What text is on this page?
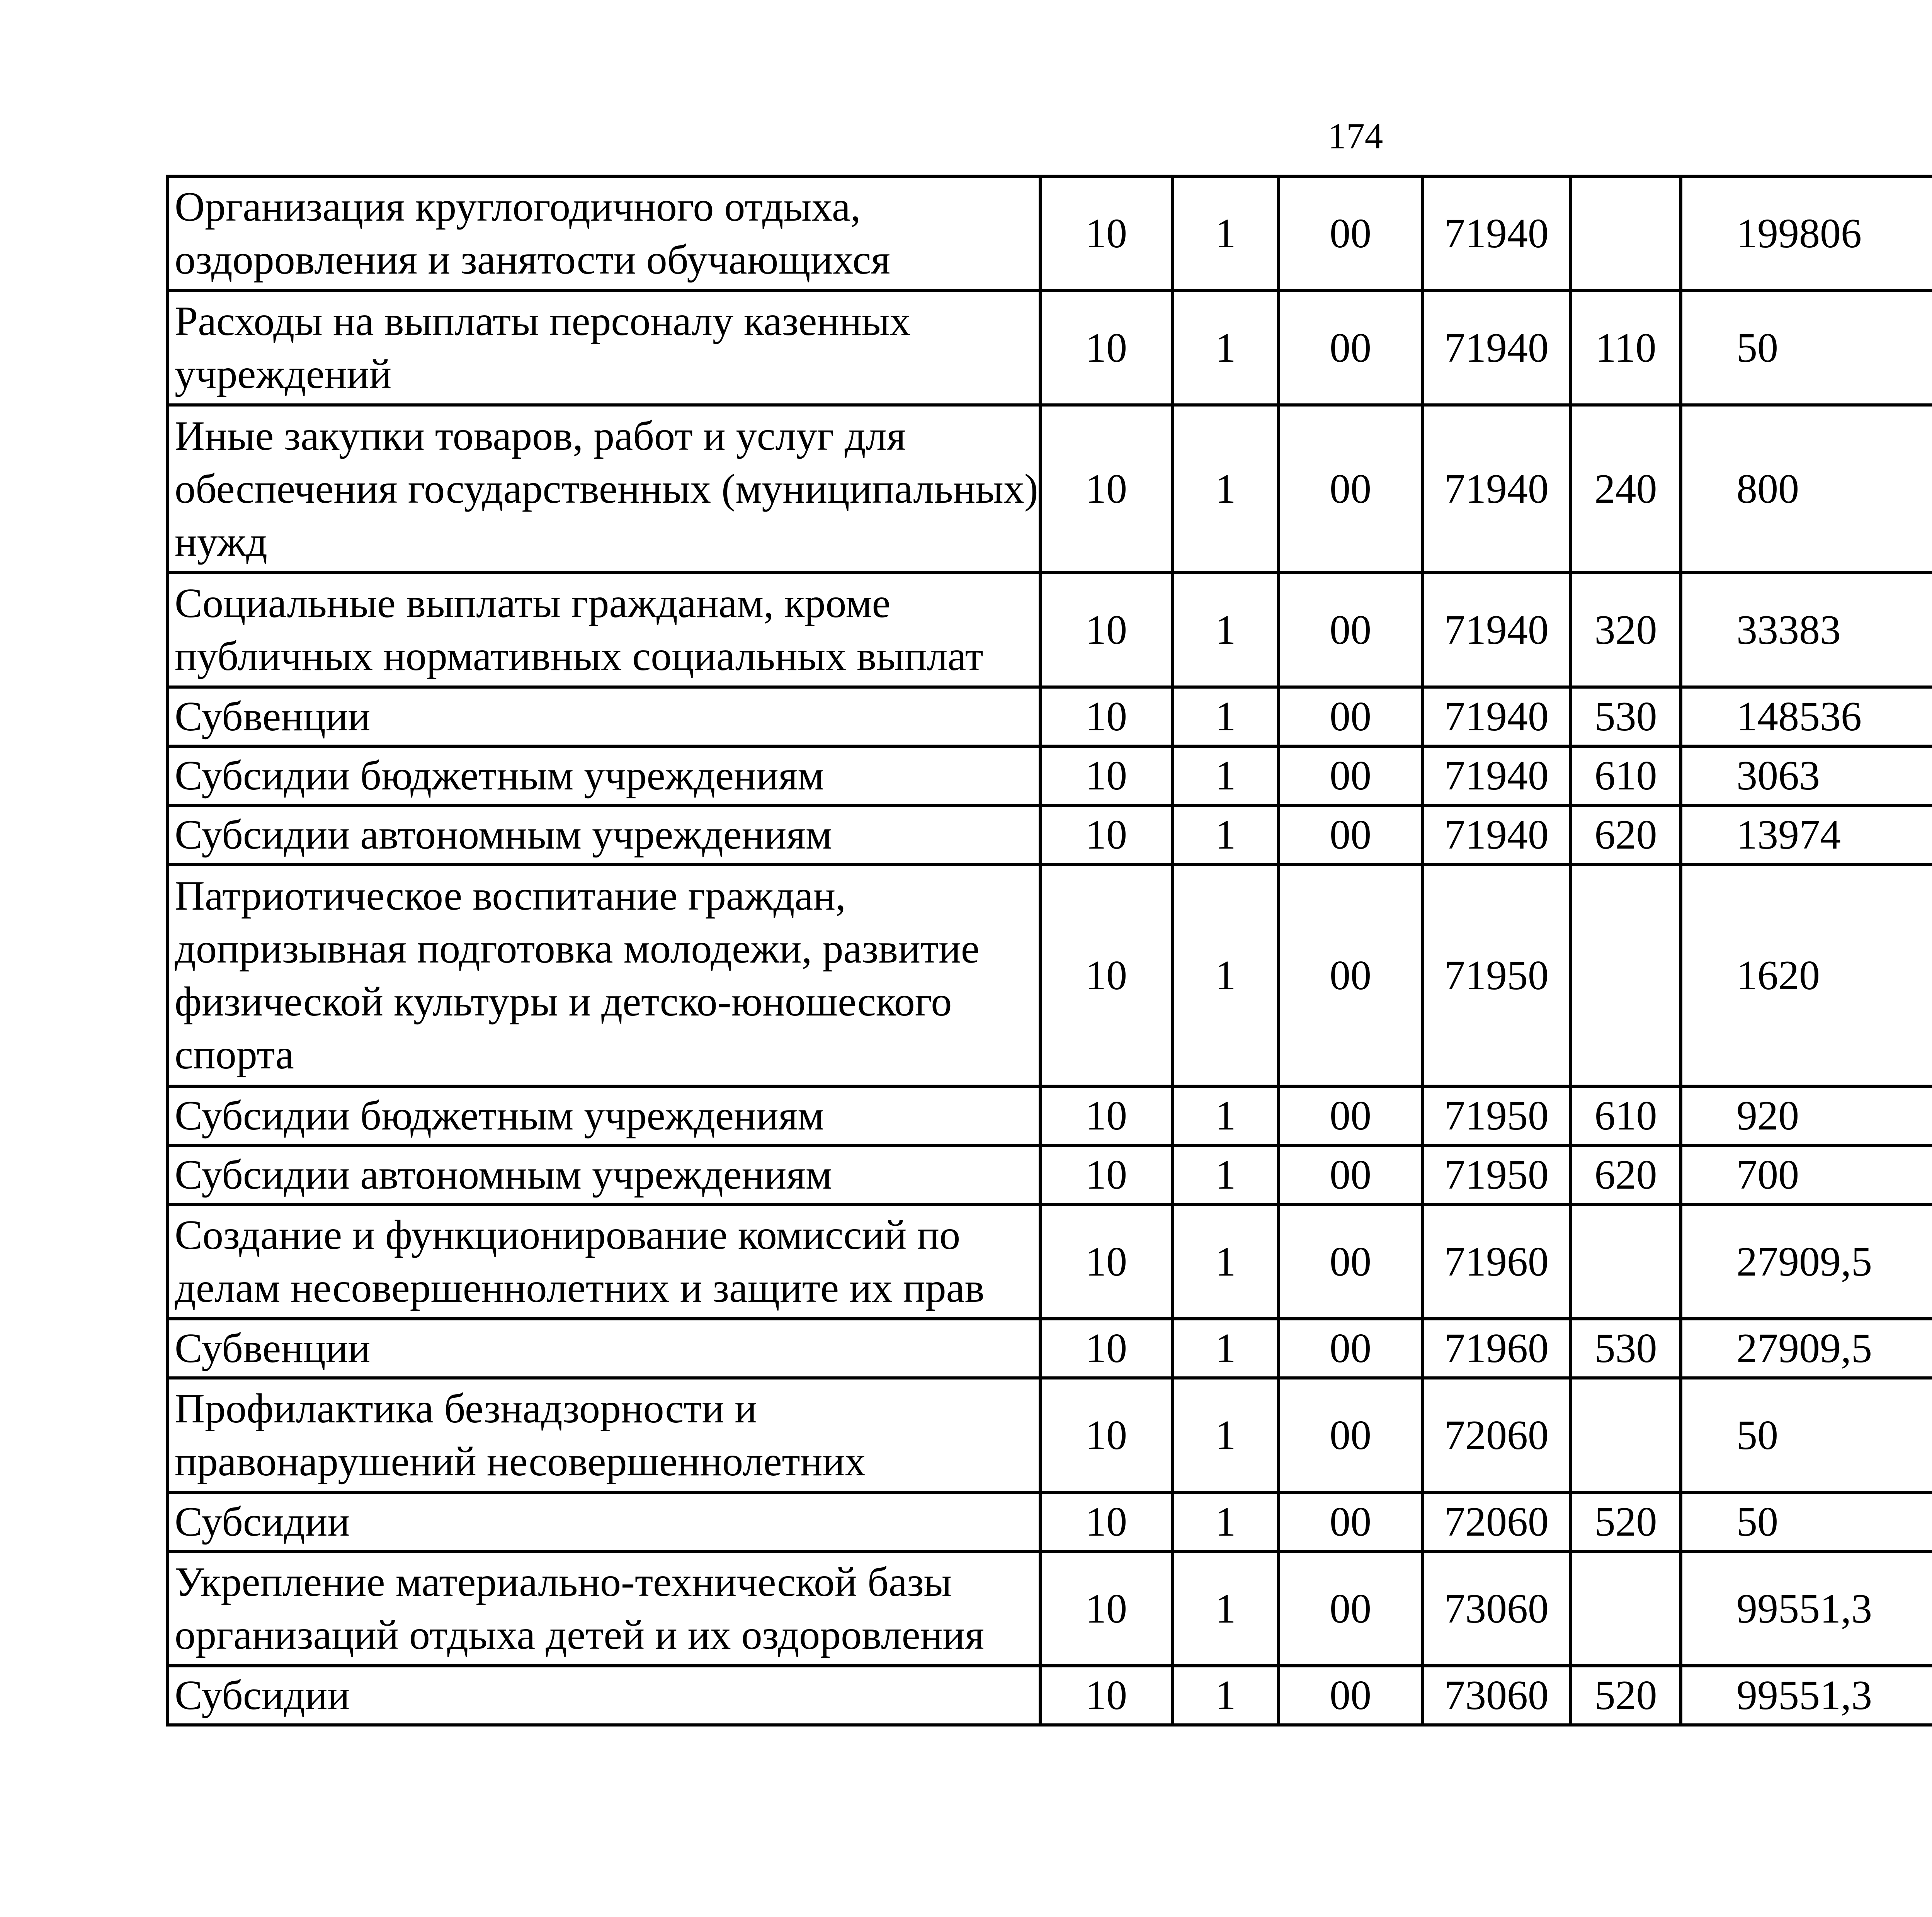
174
Организация круглогодичного отдыха, оздоровления и занятости обучающихся	10	1	00	71940		199806		
Расходы на выплаты персоналу казенных учреждений	10	1	00	71940	110	50		
Иные закупки товаров, работ и услуг для обеспечения государственных (муниципальных) нужд	10	1	00	71940	240	800		
Социальные выплаты гражданам, кроме публичных нормативных социальных выплат	10	1	00	71940	320	33383		
Субвенции	10	1	00	71940	530	148536		
Субсидии бюджетным учреждениям	10	1	00	71940	610	3063		
Субсидии автономным учреждениям	10	1	00	71940	620	13974		
Патриотическое воспитание граждан, допризывная подготовка молодежи, развитие физической культуры и детско-юношеского спорта	10	1	00	71950		1620		
Субсидии бюджетным учреждениям	10	1	00	71950	610	920		
Субсидии автономным учреждениям	10	1	00	71950	620	700		
Создание и функционирование комиссий по делам несовершеннолетних и защите их прав	10	1	00	71960		27909,5		
Субвенции	10	1	00	71960	530	27909,5		
Профилактика безнадзорности и правонарушений несовершеннолетних	10	1	00	72060		50		
Субсидии	10	1	00	72060	520	50		
Укрепление материально-технической базы организаций отдыха детей и их оздоровления	10	1	00	73060		99551,3		
Субсидии	10	1	00	73060	520	99551,3		
